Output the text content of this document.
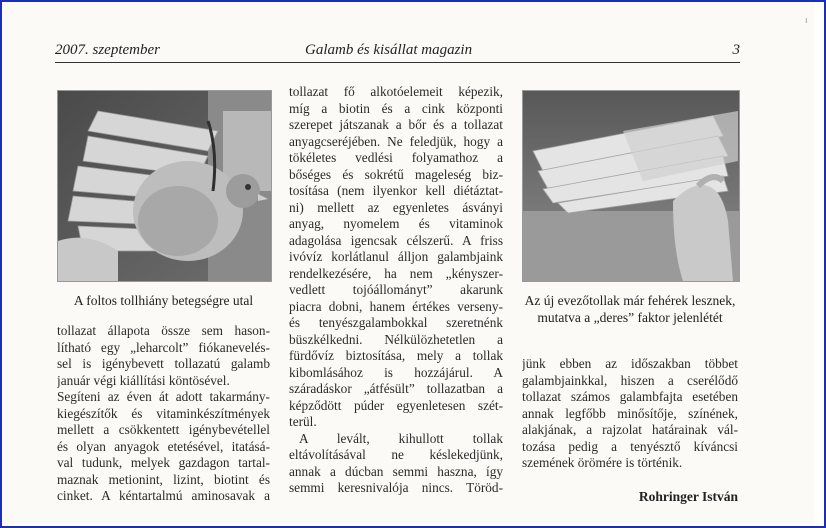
ı
2007. szeptember	Galamb és kisállat magazin	3
A foltos tollhiány betegségre utal	Az új evezőtollak már fehérek lesznek, mutatva a „deres” faktor jelenlétét
tollazat állapota össze sem hason-
lítható egy „leharcolt” fiókanevelés-
sel is igénybevett tollazatú galamb
január végi kiállítási köntösével.
Segíteni az éven át adott takarmány-
kiegészítők és vitaminkészítmények
mellett a csökkentett igénybevétellel
és olyan anyagok etetésével, itatásá-
val tudunk, melyek gazdagon tartal-
maznak metionint, lizint, biotint és
cinket. A kéntartalmú aminosavak a
tollazat fő alkotóelemeit képezik,
míg a biotin és a cink központi
szerepet játszanak a bőr és a tollazat
anyagcseréjében. Ne feledjük, hogy a
tökéletes vedlési folyamathoz a
bőséges és sokrétű mageleség biz-
tosítása (nem ilyenkor kell diétáztat-
ni) mellett az egyenletes ásványi
anyag, nyomelem és vitaminok
adagolása igencsak célszerű. A friss
ivóvíz korlátlanul álljon galambjaink
rendelkezésére, ha nem „kényszer-
vedlett tojóállományt” akarunk
piacra dobni, hanem értékes verseny-
és tenyészgalambokkal szeretnénk
büszkélkedni. Nélkülözhetetlen a
fürdővíz biztosítása, mely a tollak
kibomlásához is hozzájárul. A
száradáskor „átfésült” tollazatban a
képződött púder egyenletesen szét-
terül.
A levált, kihullott tollak
eltávolításával ne késlekedjünk,
annak a dúcban semmi haszna, így
semmi keresnivalója nincs. Töröd-
jünk ebben az időszakban többet
galambjainkkal, hiszen a cserélődő
tollazat számos galambfajta esetében
annak legfőbb minősítője, színének,
alakjának, a rajzolat határainak vál-
tozása pedig a tenyésztő kíváncsi
szemének örömére is történik.
Rohringer István
